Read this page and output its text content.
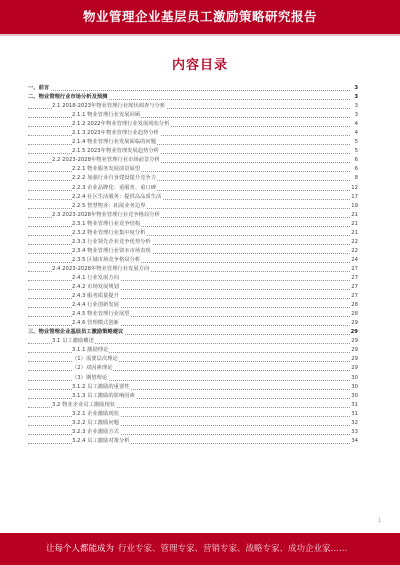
物业管理企业基层员工激励策略研究报告
内容目录
一、前言	3
二、物业管理行业市场分析及预测	3
2.1 2018-2023年物业管理行业现状调查与分析	3
2.1.1 物业管理行业发展回顾	3
2.1.2 2022年物业管理行业发展现状分析	4
2.1.3 2023年物业管理行业趋势分析	4
2.1.4 物业管理行业发展面临的问题	5
2.1.5 2023年物业管理发展趋势分析	5
2.2 2023-2028年物业管理行业市场前景分析	6
2.2.1 物业服务发展前景展望	6
2.2.2 加强行业自身建设提升竞争力	8
2.2.3 企业品牌化：重服务、重口碑	12
2.2.4 社区生活服务：提供高品质生活	17
2.2.5 智慧物业：拓展业务边界	19
2.3 2023-2028年物业管理行业竞争格局分析	21
2.3.1 物业管理行业竞争结构	21
2.3.2 物业管理行业集中度分析	21
2.3.3 行业领先企业竞争优势分析	22
2.3.4 物业管理行业资本市场表现	22
2.3.5 区域市场竞争格局分析	24
2.4 2023-2028年物业管理行业发展方向	27
2.4.1 行业发展方向	27
2.4.2 市场发展规划	27
2.4.3 服务质量提升	27
2.4.4 行业创新发展	28
2.4.5 物业管理行业展望	28
2.4.6 管理模式创新	29
三、物业管理企业基层员工激励策略建议	29
3.1 员工激励概述	29
3.1.1 激励理论	29
（1）需要层次理论	29
（2）双因素理论	29
（3）期望理论	30
3.1.2 员工激励的重要性	30
3.1.3 员工激励的影响因素	30
3.2 物业企业员工激励现状	31
3.2.1 企业激励现状	31
3.2.2 员工激励问题	32
3.2.3 企业激励方式	33
3.2.4 员工激励对策分析	34
1
让每个人都能成为 行业专家、管理专家、营销专家、战略专家、成功企业家……
